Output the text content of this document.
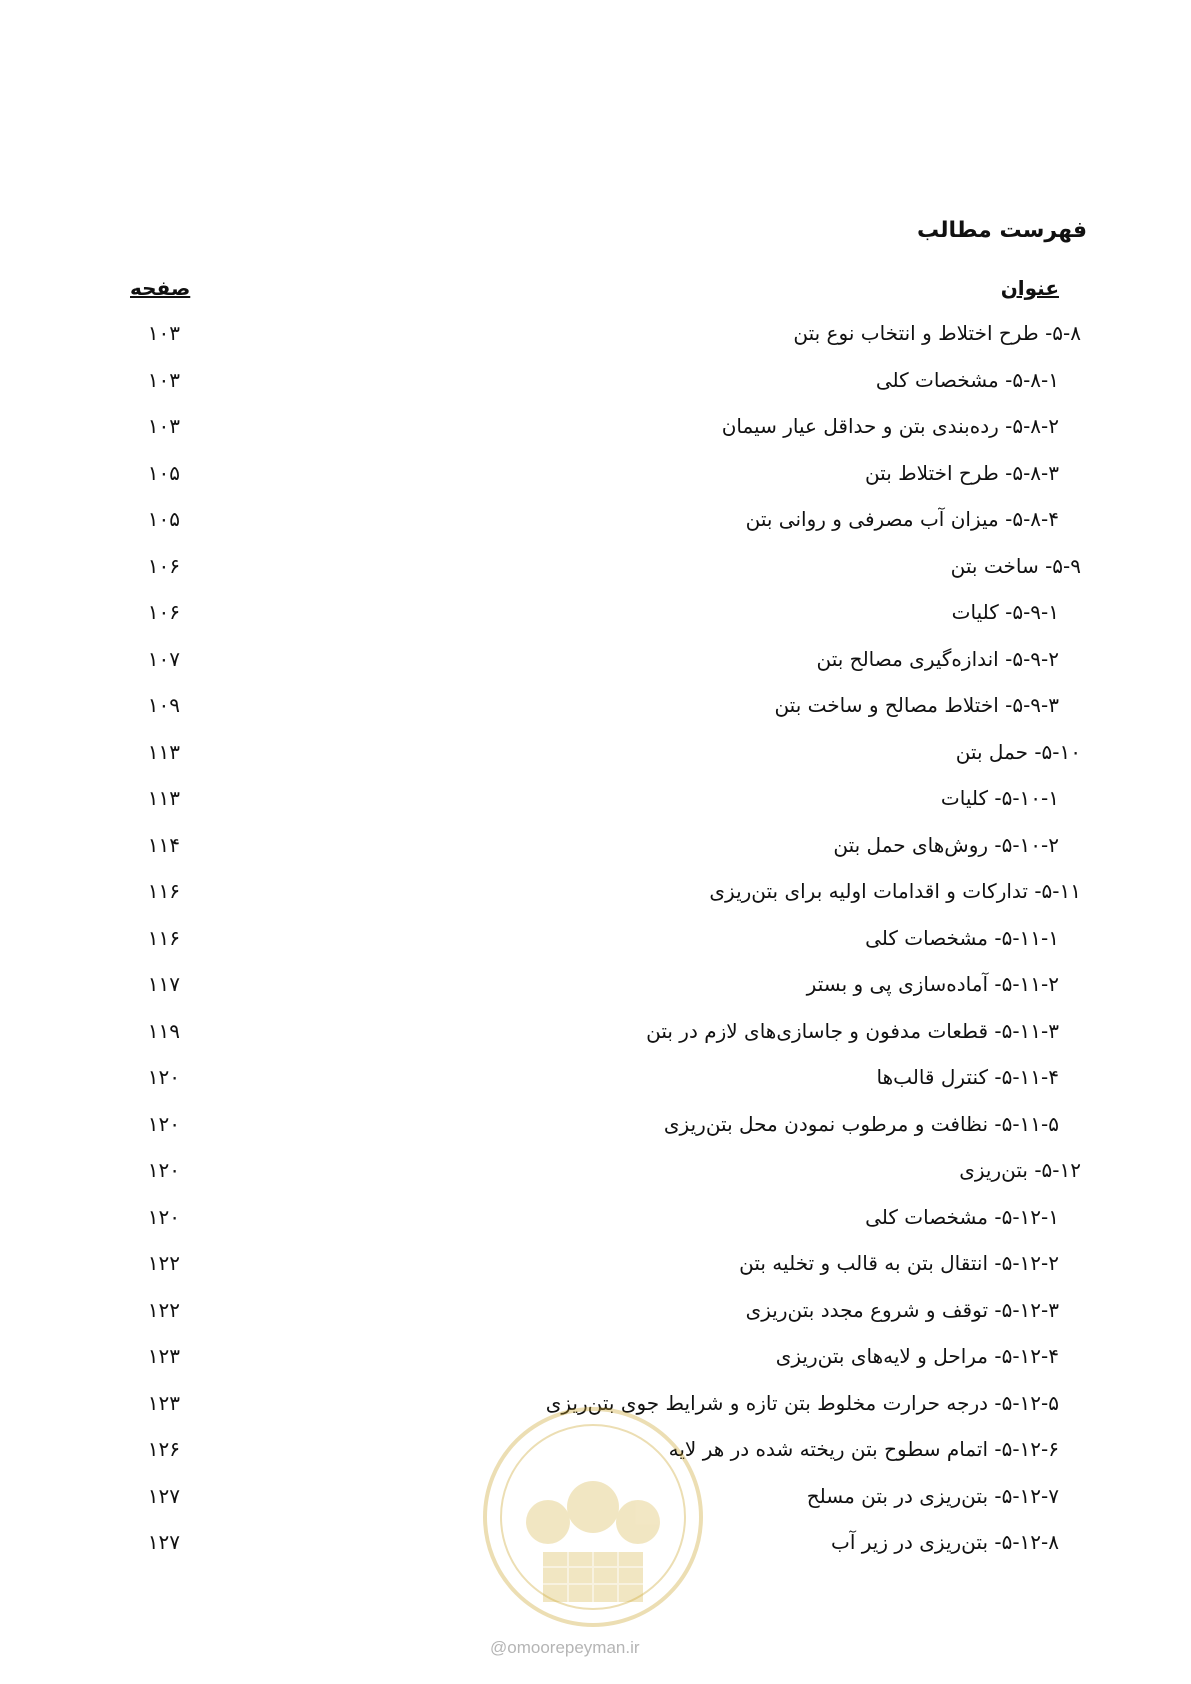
فهرست مطالب
عنوان
صفحه
۵-۸- طرح اختلاط و انتخاب نوع بتن
۱۰۳
۵-۸-۱- مشخصات کلی
۱۰۳
۵-۸-۲- رده‌بندی بتن و حداقل عیار سیمان
۱۰۳
۵-۸-۳- طرح اختلاط بتن
۱۰۵
۵-۸-۴- میزان آب مصرفی و روانی بتن
۱۰۵
۵-۹- ساخت بتن
۱۰۶
۵-۹-۱- کلیات
۱۰۶
۵-۹-۲- اندازه‌گیری مصالح بتن
۱۰۷
۵-۹-۳- اختلاط مصالح و ساخت بتن
۱۰۹
۵-۱۰- حمل بتن
۱۱۳
۵-۱۰-۱- کلیات
۱۱۳
۵-۱۰-۲- روش‌های حمل بتن
۱۱۴
۵-۱۱- تدارکات و اقدامات اولیه برای بتن‌ریزی
۱۱۶
۵-۱۱-۱- مشخصات کلی
۱۱۶
۵-۱۱-۲- آماده‌سازی پی و بستر
۱۱۷
۵-۱۱-۳- قطعات مدفون و جاسازی‌های لازم در بتن
۱۱۹
۵-۱۱-۴- کنترل قالب‌ها
۱۲۰
۵-۱۱-۵- نظافت و مرطوب نمودن محل بتن‌ریزی
۱۲۰
۵-۱۲- بتن‌ریزی
۱۲۰
۵-۱۲-۱- مشخصات کلی
۱۲۰
۵-۱۲-۲- انتقال بتن به قالب و تخلیه بتن
۱۲۲
۵-۱۲-۳- توقف و شروع مجدد بتن‌ریزی
۱۲۲
۵-۱۲-۴- مراحل و لایه‌های بتن‌ریزی
۱۲۳
۵-۱۲-۵- درجه حرارت مخلوط بتن تازه و شرایط جوی بتن‌ریزی
۱۲۳
۵-۱۲-۶- اتمام سطوح بتن ریخته شده در هر لایه
۱۲۶
۵-۱۲-۷- بتن‌ریزی در بتن مسلح
۱۲۷
۵-۱۲-۸- بتن‌ریزی در زیر آب
۱۲۷
@omoorepeyman.ir
